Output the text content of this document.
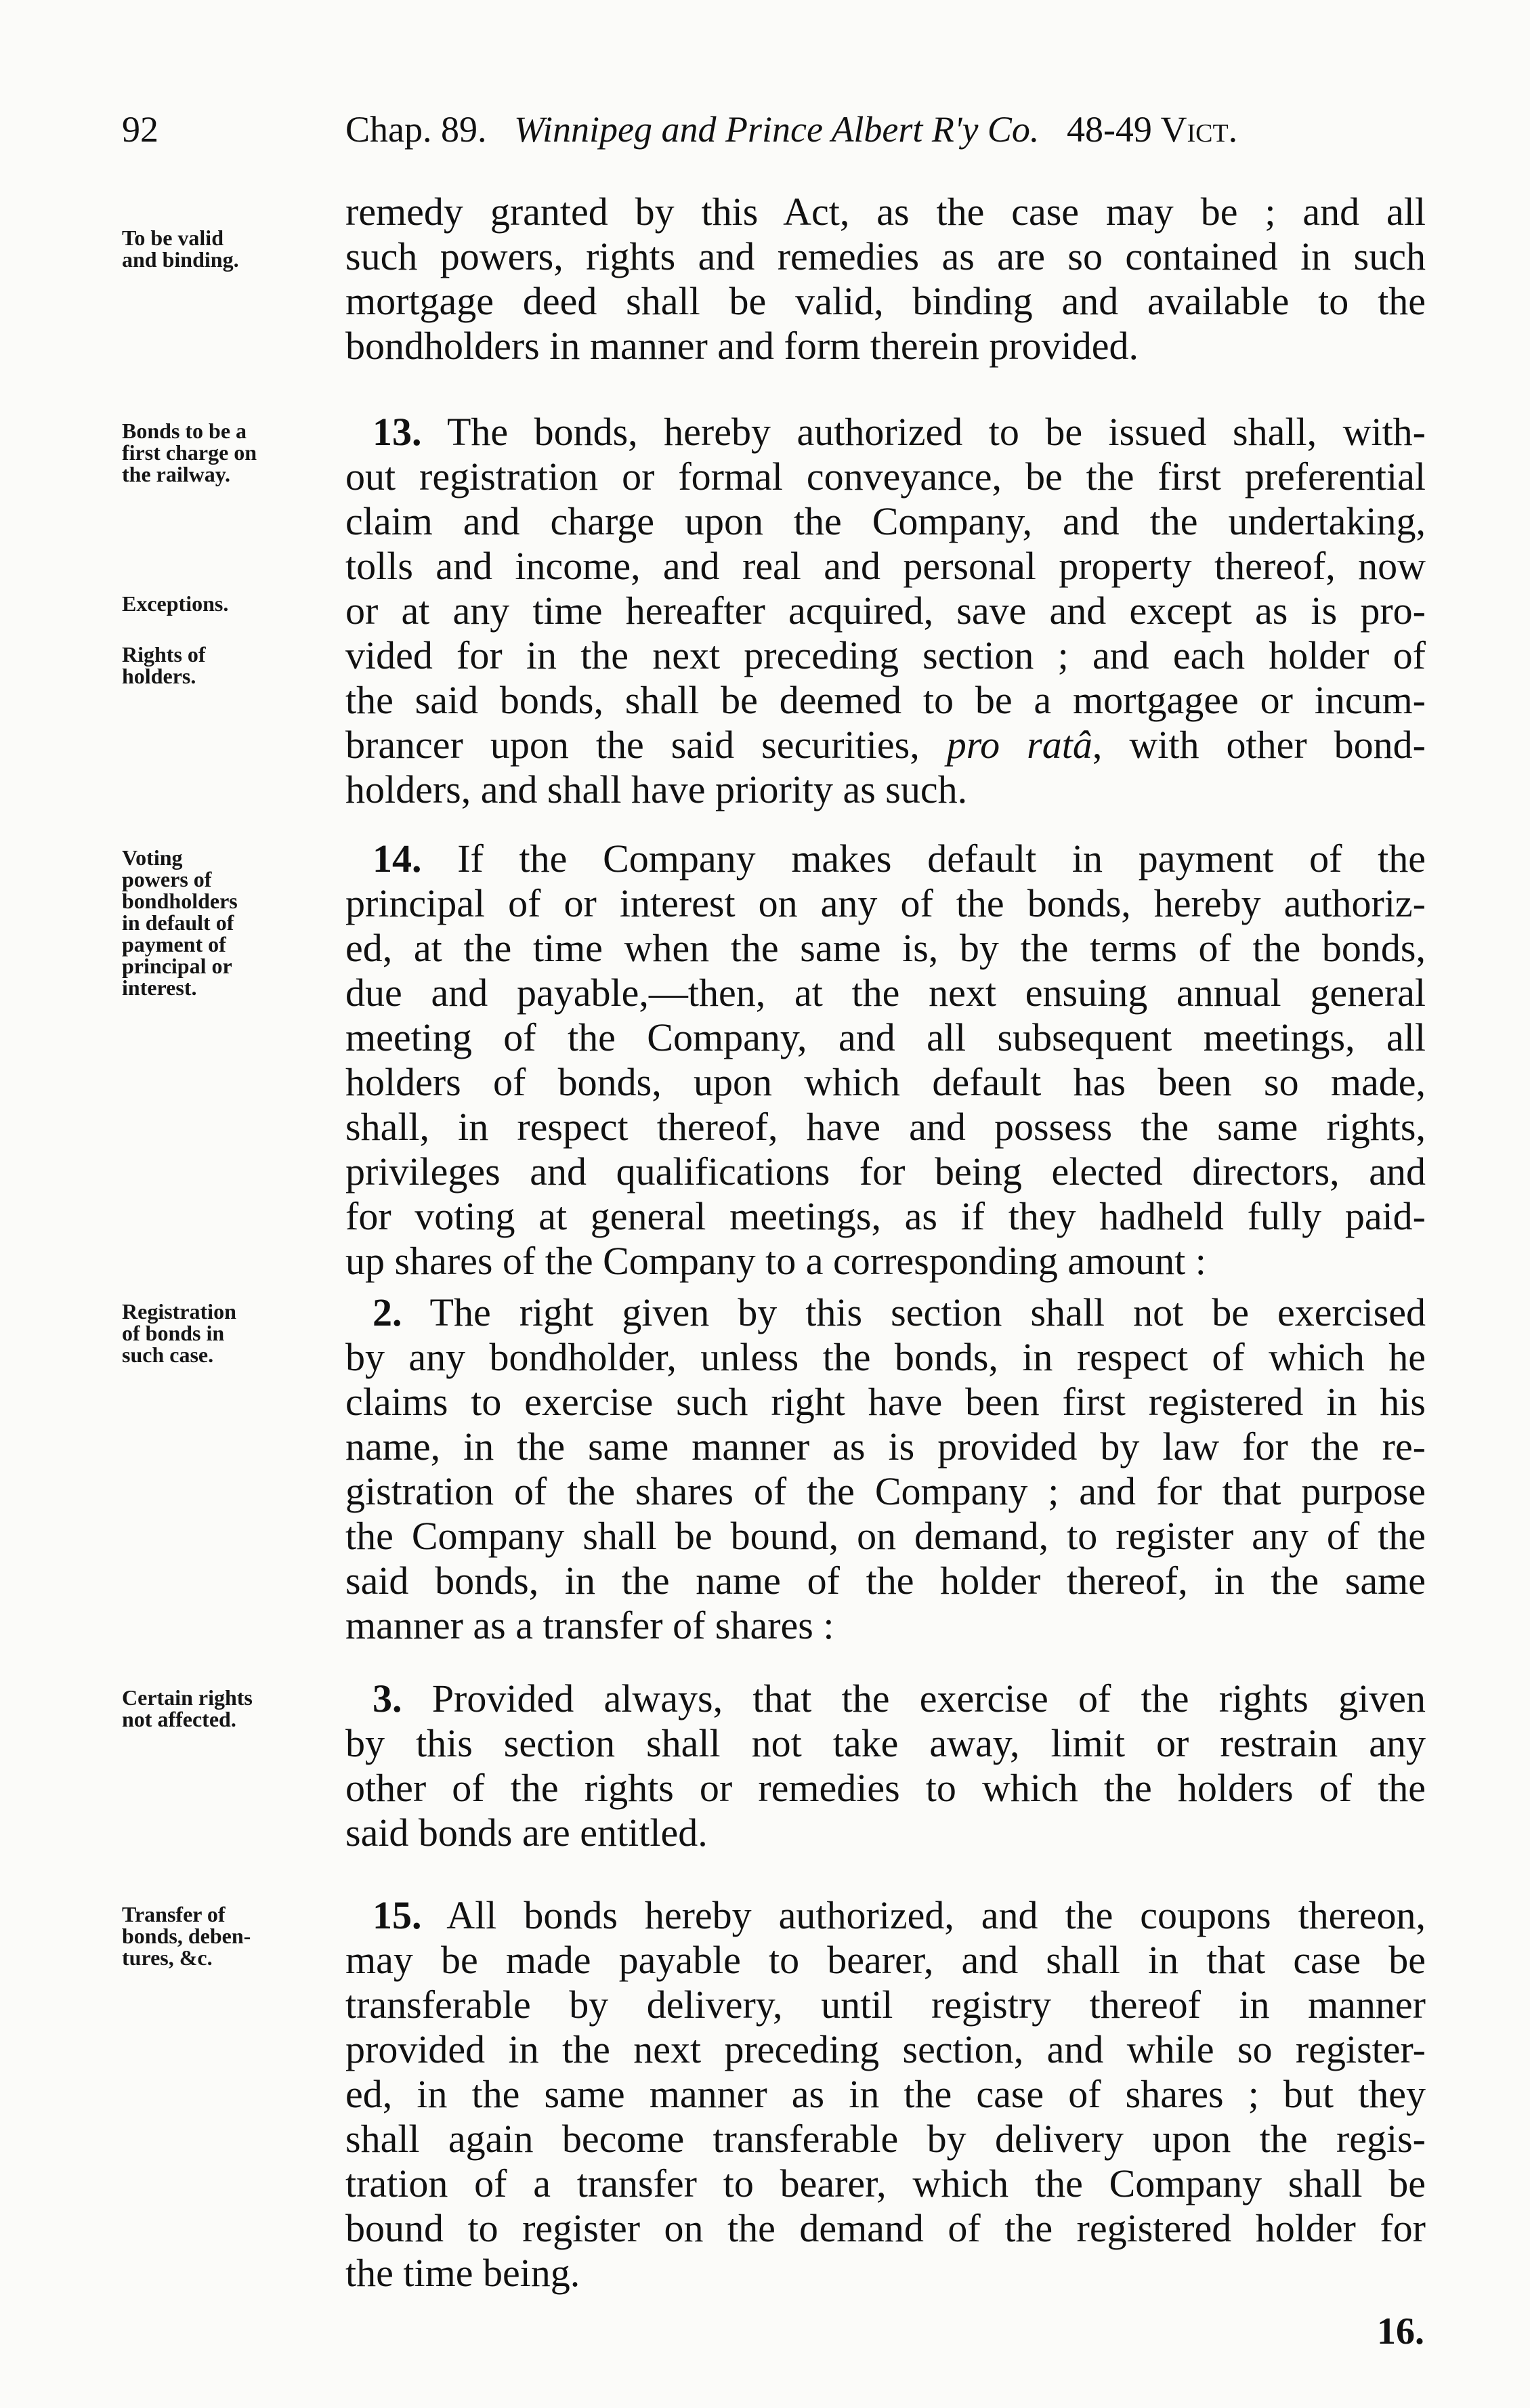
92	Chap. 89. Winnipeg and Prince Albert R'y Co. 48-49 Vict.
To be valid
and binding.
remedy granted by this Act, as the case may be ; and all
such powers, rights and remedies as are so contained in such
mortgage deed shall be valid, binding and available to the
bondholders in manner and form therein provided.
Bonds to be a
first charge on
the railway.
Exceptions.
Rights of
holders.
13. The bonds, hereby authorized to be issued shall, with-
out registration or formal conveyance, be the first preferential
claim and charge upon the Company, and the undertaking,
tolls and income, and real and personal property thereof, now
or at any time hereafter acquired, save and except as is pro-
vided for in the next preceding section ; and each holder of
the said bonds, shall be deemed to be a mortgagee or incum-
brancer upon the said securities, pro ratâ, with other bond-
holders, and shall have priority as such.
Voting
powers of
bondholders
in default of
payment of
principal or
interest.
14. If the Company makes default in payment of the
principal of or interest on any of the bonds, hereby authoriz-
ed, at the time when the same is, by the terms of the bonds,
due and payable,—then, at the next ensuing annual general
meeting of the Company, and all subsequent meetings, all
holders of bonds, upon which default has been so made,
shall, in respect thereof, have and possess the same rights,
privileges and qualifications for being elected directors, and
for voting at general meetings, as if they hadheld fully paid-
up shares of the Company to a corresponding amount :
Registration
of bonds in
such case.
2. The right given by this section shall not be exercised
by any bondholder, unless the bonds, in respect of which he
claims to exercise such right have been first registered in his
name, in the same manner as is provided by law for the re-
gistration of the shares of the Company ; and for that purpose
the Company shall be bound, on demand, to register any of the
said bonds, in the name of the holder thereof, in the same
manner as a transfer of shares :
Certain rights
not affected.	3. Provided always, that the exercise of the rights given
by this section shall not take away, limit or restrain any
other of the rights or remedies to which the holders of the
said bonds are entitled.
Transfer of
bonds, deben-
tures, &c.
15. All bonds hereby authorized, and the coupons thereon,
may be made payable to bearer, and shall in that case be
transferable by delivery, until registry thereof in manner
provided in the next preceding section, and while so register-
ed, in the same manner as in the case of shares ; but they
shall again become transferable by delivery upon the regis-
tration of a transfer to bearer, which the Company shall be
bound to register on the demand of the registered holder for
the time being.
16.
